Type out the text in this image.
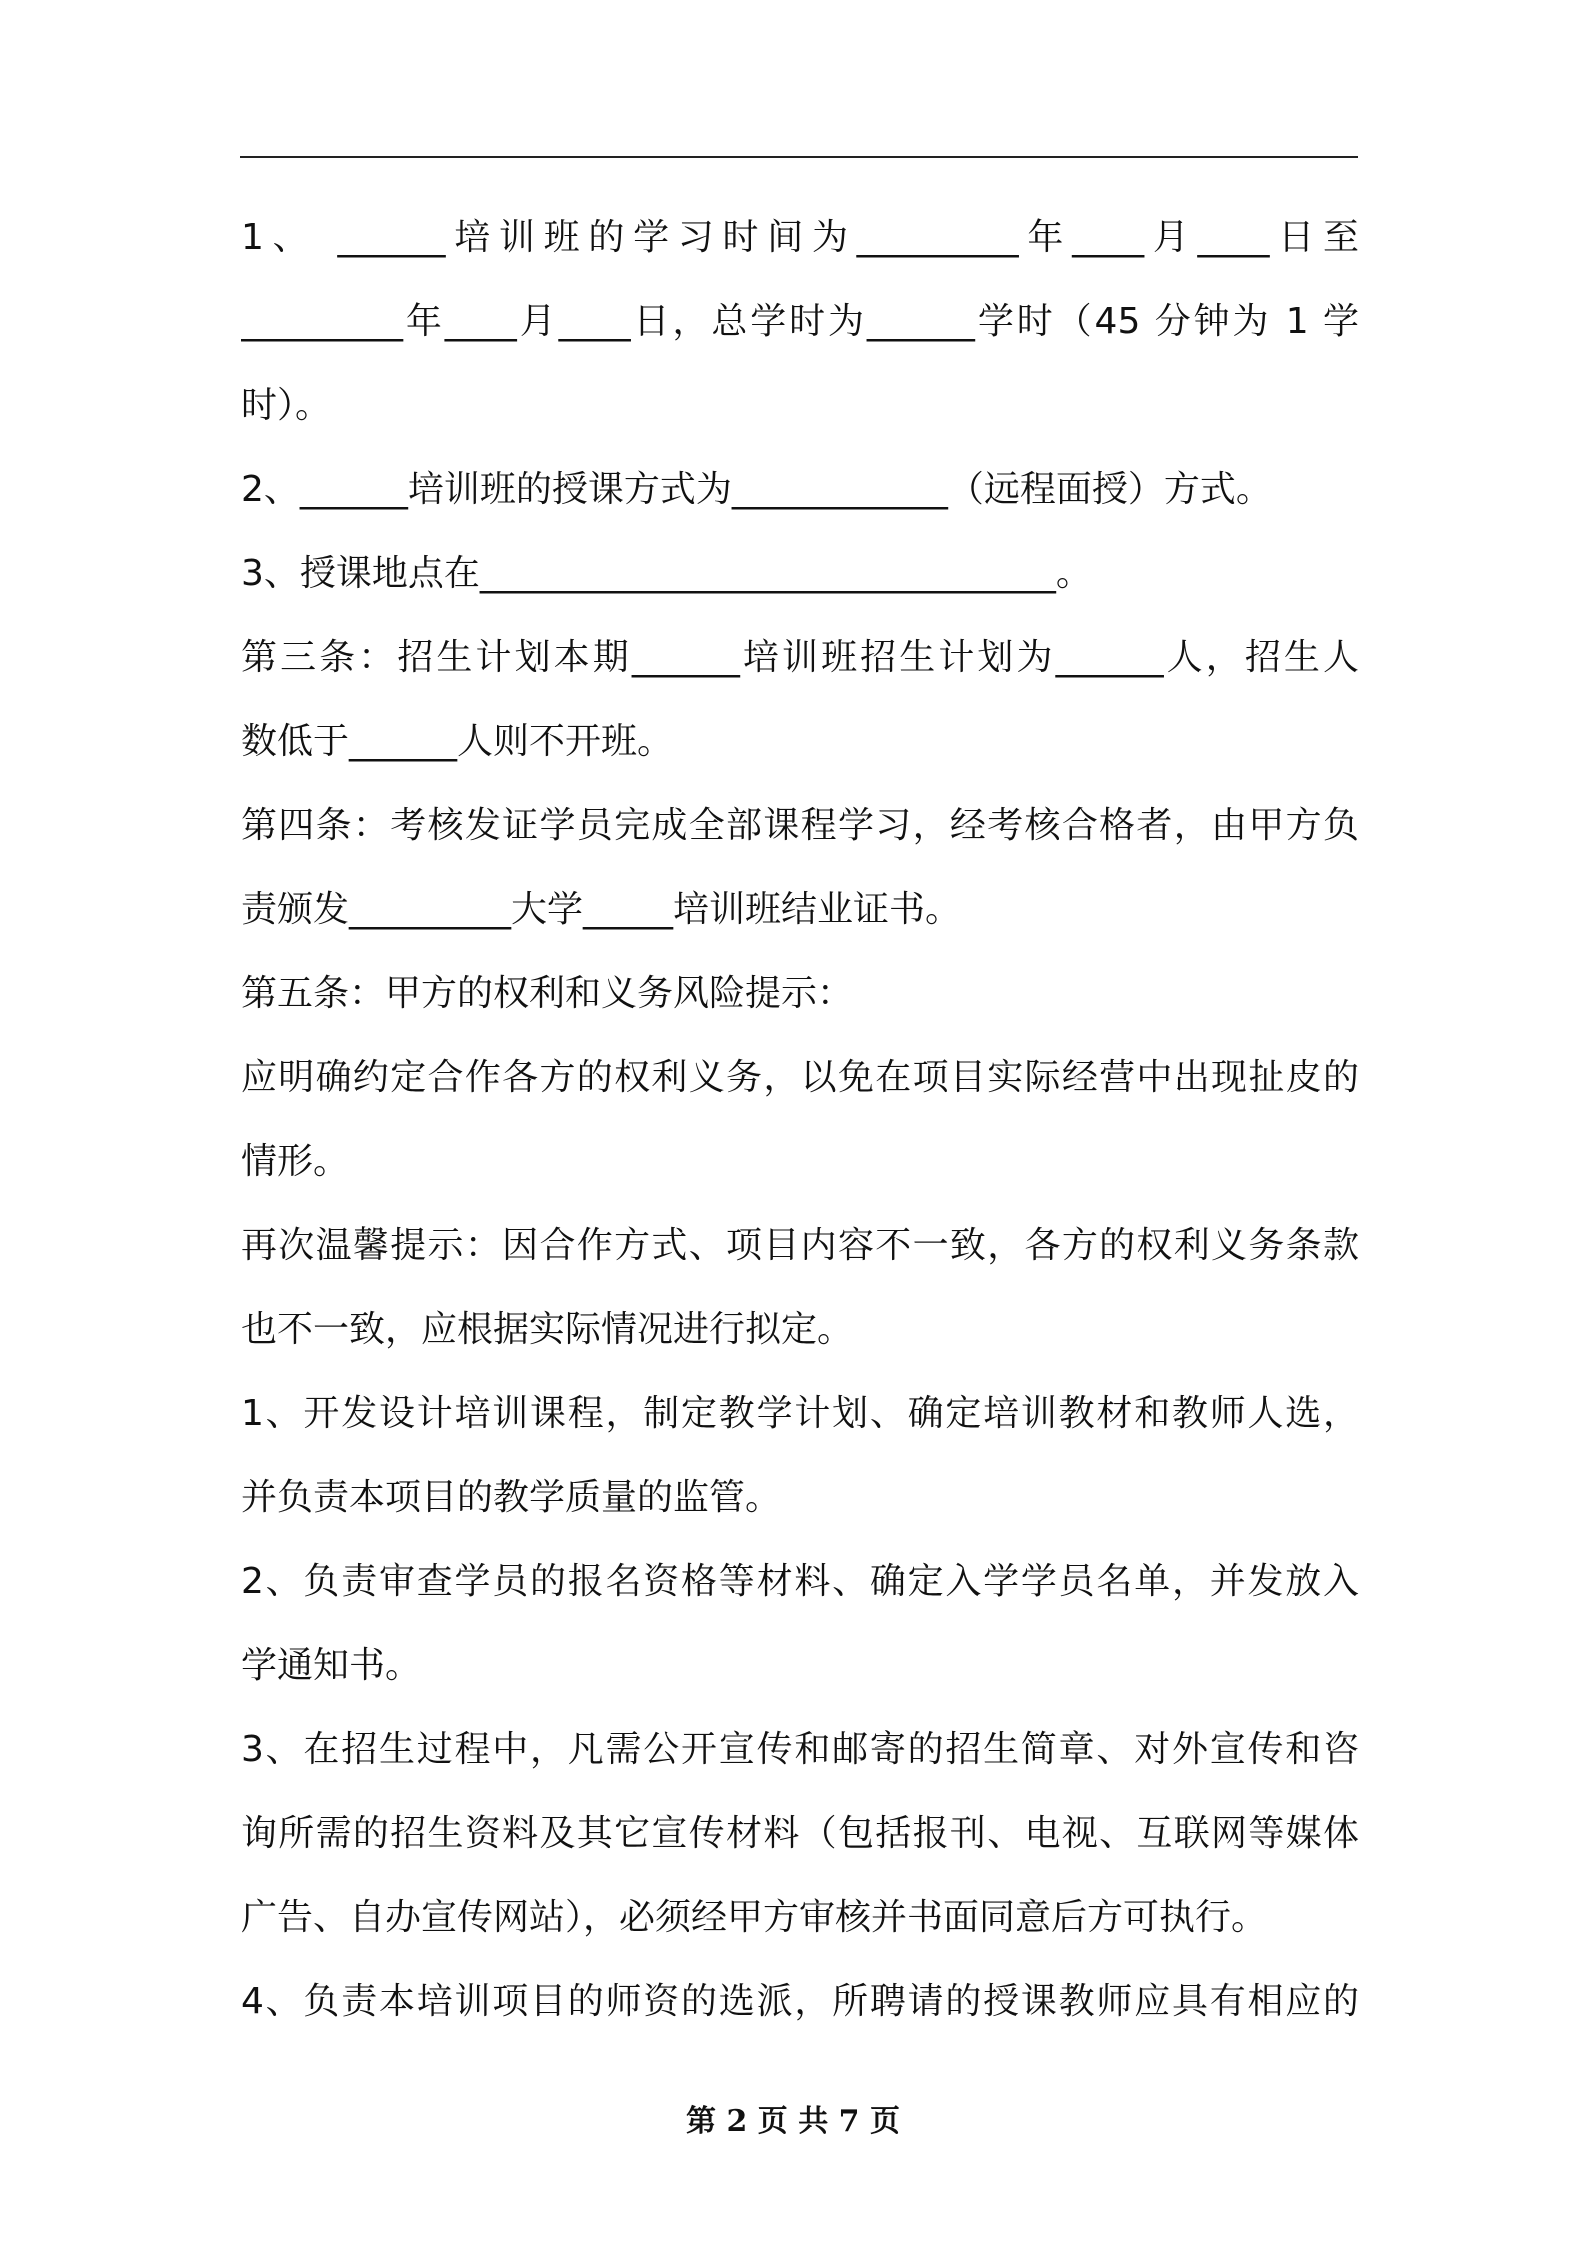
1、 ______培训班的学习时间为_________年____月____日至
_________年____月____日，总学时为______学时（45 分钟为 1 学
时）。
2、______培训班的授课方式为____________（远程面授）方式。
3、授课地点在________________________________。
第三条：招生计划本期______培训班招生计划为______人，招生人
数低于______人则不开班。
第四条：考核发证学员完成全部课程学习，经考核合格者，由甲方负
责颁发_________大学_____培训班结业证书。
第五条：甲方的权利和义务风险提示：
应明确约定合作各方的权利义务，以免在项目实际经营中出现扯皮的
情形。
再次温馨提示：因合作方式、项目内容不一致，各方的权利义务条款
也不一致，应根据实际情况进行拟定。
1、开发设计培训课程，制定教学计划、确定培训教材和教师人选，
并负责本项目的教学质量的监管。
2、负责审查学员的报名资格等材料、确定入学学员名单，并发放入
学通知书。
3、在招生过程中，凡需公开宣传和邮寄的招生简章、对外宣传和咨
询所需的招生资料及其它宣传材料（包括报刊、电视、互联网等媒体
广告、自办宣传网站），必须经甲方审核并书面同意后方可执行。
4、负责本培训项目的师资的选派，所聘请的授课教师应具有相应的
第 2 页 共 7 页
